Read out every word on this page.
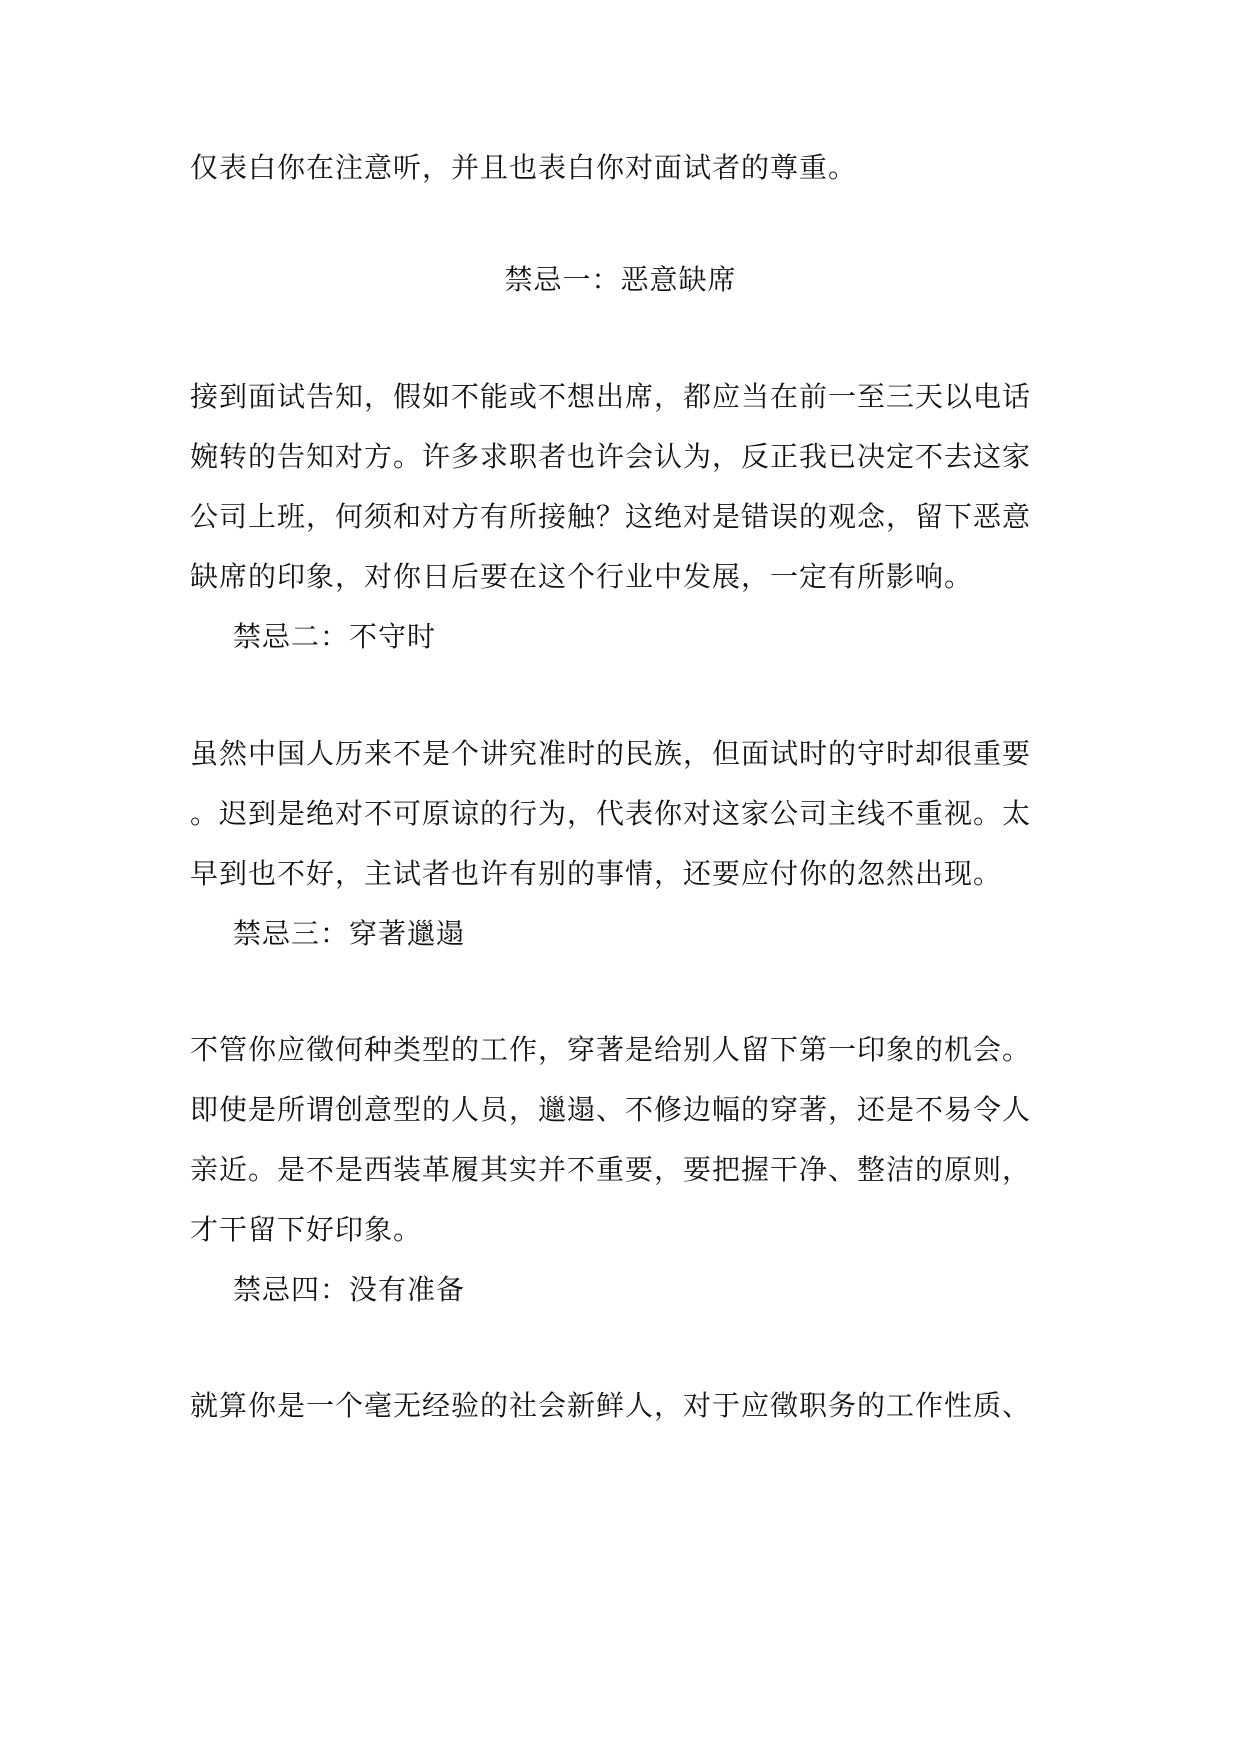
仅表白你在注意听，并且也表白你对面试者的尊重。
禁忌一：恶意缺席
接到面试告知，假如不能或不想出席，都应当在前一至三天以电话
婉转的告知对方。许多求职者也许会认为，反正我已决定不去这家
公司上班，何须和对方有所接触？这绝对是错误的观念，留下恶意
缺席的印象，对你日后要在这个行业中发展，一定有所影响。
禁忌二：不守时
虽然中国人历来不是个讲究准时的民族，但面试时的守时却很重要
。迟到是绝对不可原谅的行为，代表你对这家公司主线不重视。太
早到也不好，主试者也许有别的事情，还要应付你的忽然出现。
禁忌三：穿著邋遢
不管你应徵何种类型的工作，穿著是给别人留下第一印象的机会。
即使是所谓创意型的人员，邋遢、不修边幅的穿著，还是不易令人
亲近。是不是西装革履其实并不重要，要把握干净、整洁的原则，
才干留下好印象。
禁忌四：没有准备
就算你是一个毫无经验的社会新鲜人，对于应徵职务的工作性质、
